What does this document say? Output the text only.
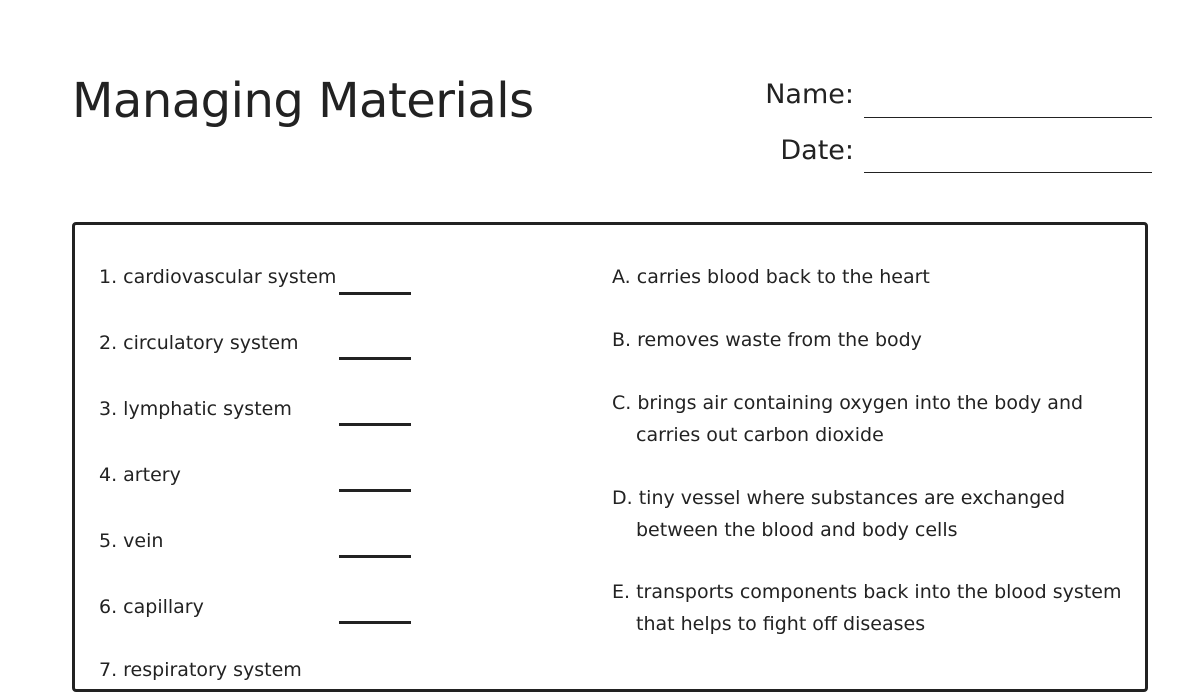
Managing Materials	Name:
Date:
1. cardiovascular system
2. circulatory system
3. lymphatic system
4. artery
5. vein
6. capillary
7. respiratory system
A. carries blood back to the heart
B. removes waste from the body
C. brings air containing oxygen into the body and carries out carbon dioxide
D. tiny vessel where substances are exchanged between the blood and body cells
E. transports components back into the blood system that helps to fight off diseases
